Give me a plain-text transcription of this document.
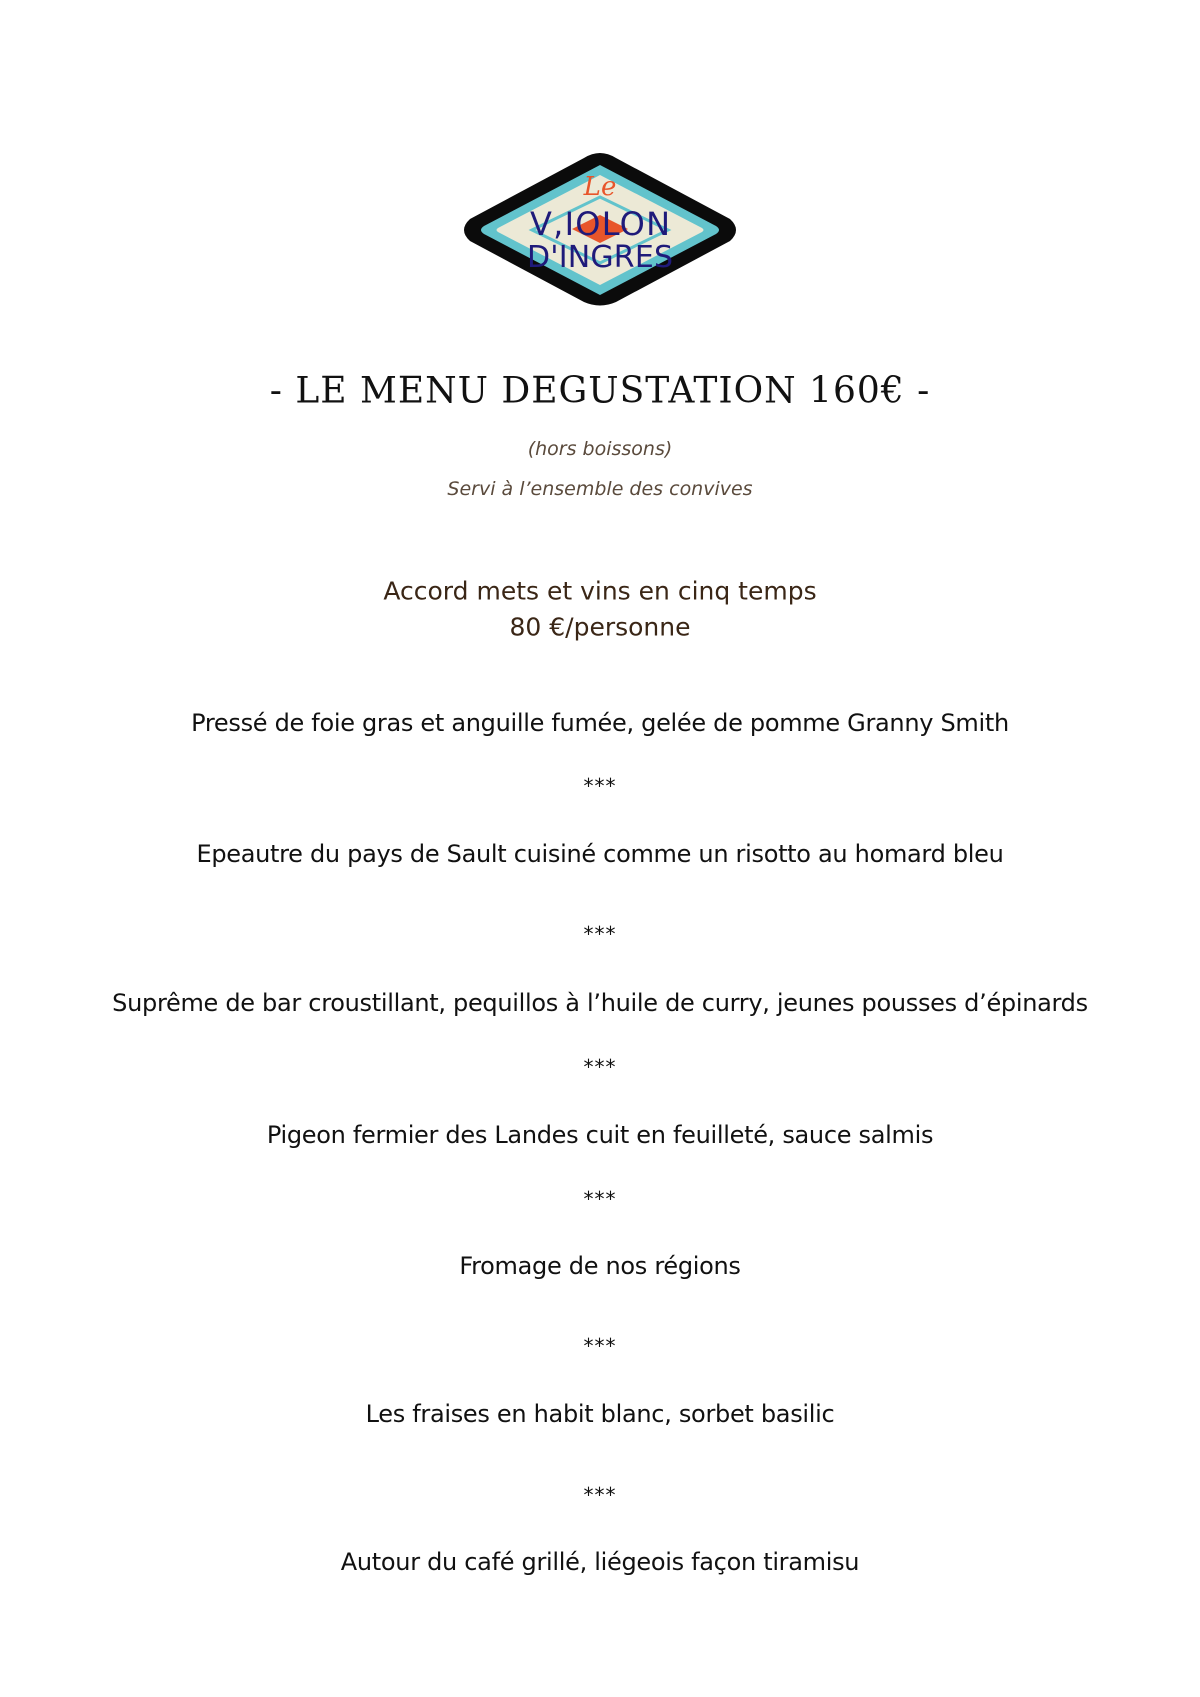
Le
V,IOLON
D'INGRES
- LE MENU DEGUSTATION 160€ -
(hors boissons)
Servi à l’ensemble des convives
Accord mets et vins en cinq temps
80 €/personne
Pressé de foie gras et anguille fumée, gelée de pomme Granny Smith
***
Epeautre du pays de Sault cuisiné comme un risotto au homard bleu
***
Suprême de bar croustillant, pequillos à l’huile de curry, jeunes pousses d’épinards
***
Pigeon fermier des Landes cuit en feuilleté, sauce salmis
***
Fromage de nos régions
***
Les fraises en habit blanc, sorbet basilic
***
Autour du café grillé, liégeois façon tiramisu
